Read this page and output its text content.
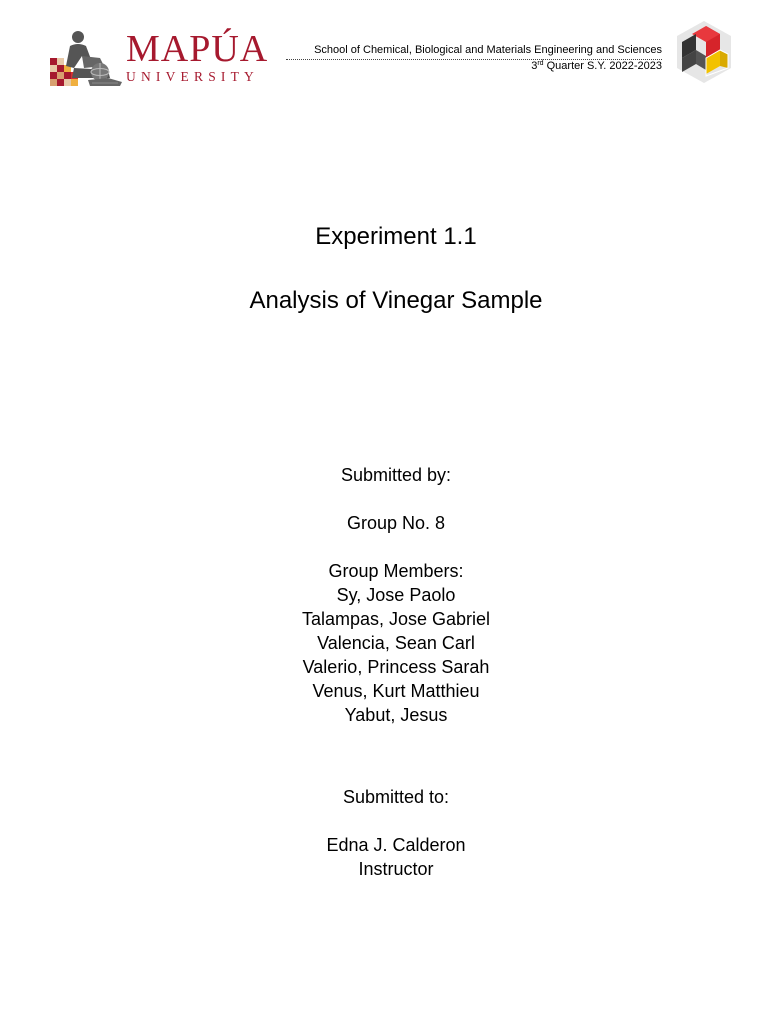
MAPÚA
UNIVERSITY
School of Chemical, Biological and Materials Engineering and Sciences
3rd Quarter S.Y. 2022-2023
Experiment 1.1
Analysis of Vinegar Sample
Submitted by:
Group No. 8
Group Members:
Sy, Jose Paolo
Talampas, Jose Gabriel
Valencia, Sean Carl
Valerio, Princess Sarah
Venus, Kurt Matthieu
Yabut, Jesus
Submitted to:
Edna J. Calderon
Instructor
